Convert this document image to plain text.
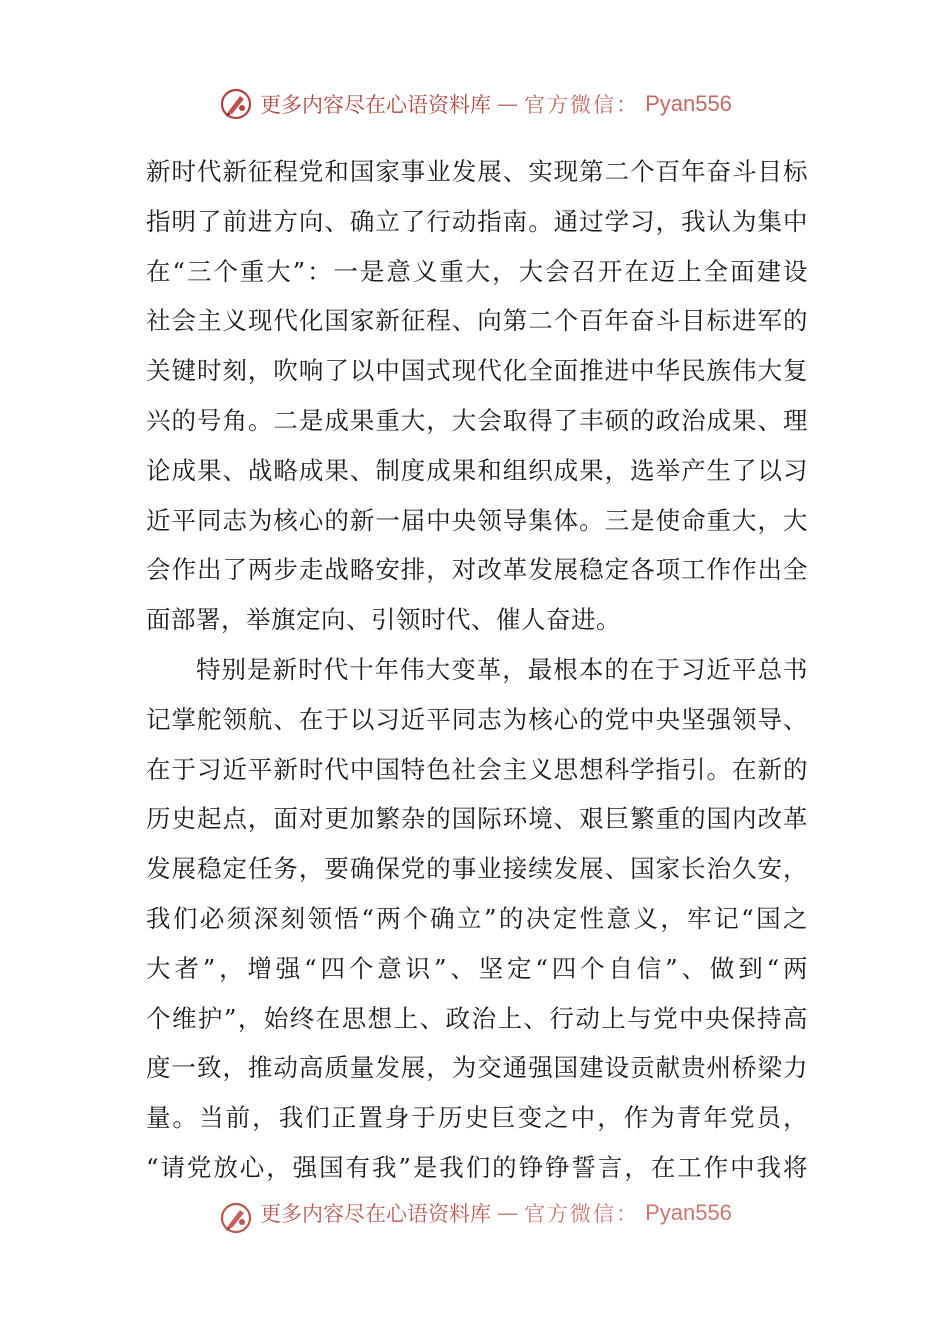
更多内容尽在心语资料库 — 官方微信： Pyan556
新时代新征程党和国家事业发展、实现第二个百年奋斗目标
指明了前进方向、确立了行动指南。通过学习，我认为集中
在“三个重大”：一是意义重大，大会召开在迈上全面建设
社会主义现代化国家新征程、向第二个百年奋斗目标进军的
关键时刻，吹响了以中国式现代化全面推进中华民族伟大复
兴的号角。二是成果重大，大会取得了丰硕的政治成果、理
论成果、战略成果、制度成果和组织成果，选举产生了以习
近平同志为核心的新一届中央领导集体。三是使命重大，大
会作出了两步走战略安排，对改革发展稳定各项工作作出全
面部署，举旗定向、引领时代、催人奋进。
特别是新时代十年伟大变革，最根本的在于习近平总书
记掌舵领航、在于以习近平同志为核心的党中央坚强领导、
在于习近平新时代中国特色社会主义思想科学指引。在新的
历史起点，面对更加繁杂的国际环境、艰巨繁重的国内改革
发展稳定任务，要确保党的事业接续发展、国家长治久安，
我们必须深刻领悟“两个确立”的决定性意义，牢记“国之
大者”，增强“四个意识”、坚定“四个自信”、做到“两
个维护”，始终在思想上、政治上、行动上与党中央保持高
度一致，推动高质量发展，为交通强国建设贡献贵州桥梁力
量。当前，我们正置身于历史巨变之中，作为青年党员，
“请党放心，强国有我”是我们的铮铮誓言，在工作中我将
更多内容尽在心语资料库 — 官方微信： Pyan556
